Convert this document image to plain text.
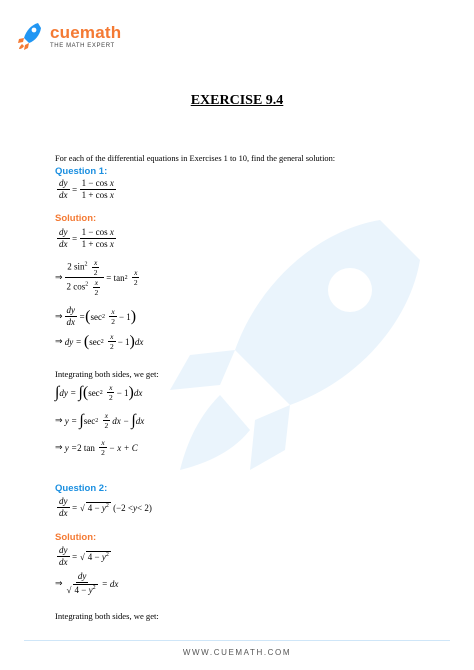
cuemath
THE MATH EXPERT
EXERCISE 9.4
For each of the differential equations in Exercises 1 to 10, find the general solution:
Question 1:
$\frac{dy}{dx} = \frac{\text{1 − cos x}}{\text{1 + cos x}}$
Solution:
$\frac{dy}{dx} = \frac{\text{1 − cos x}}{\text{1 + cos x}}$
⇒ $\frac{2 \sin^2 \frac{x}{2}}{2 \cos^2 \frac{x}{2}} = \tan 2$
$\frac{x}{2}$
⇒ $\frac{dy}{dx}$ = ( sec 2
$\frac{x}{2} - 1$ )
⇒ dy = ( sec 2
$\frac{x}{2} - 1$ ) dx
Integrating both sides, we get:
∫ dy = ∫( sec 2
$\frac{x}{2} - 1$ ) dx
⇒ y = ∫ sec 2
$\frac{x}{2}$ dx − ∫ dx
⇒ y = 2 tan
$\frac{x}{2} - x + C$
Question 2:
$\frac{dy}{dx}$ = √ $4 - y^2$
(−2 < y < 2)
Solution:
$\frac{dy}{dx}$ = √ $4 - y^2$
⇒ $\frac{dy}{√ 4 - y^2}$ = dx
Integrating both sides, we get:
WWW.CUEMATH.COM
